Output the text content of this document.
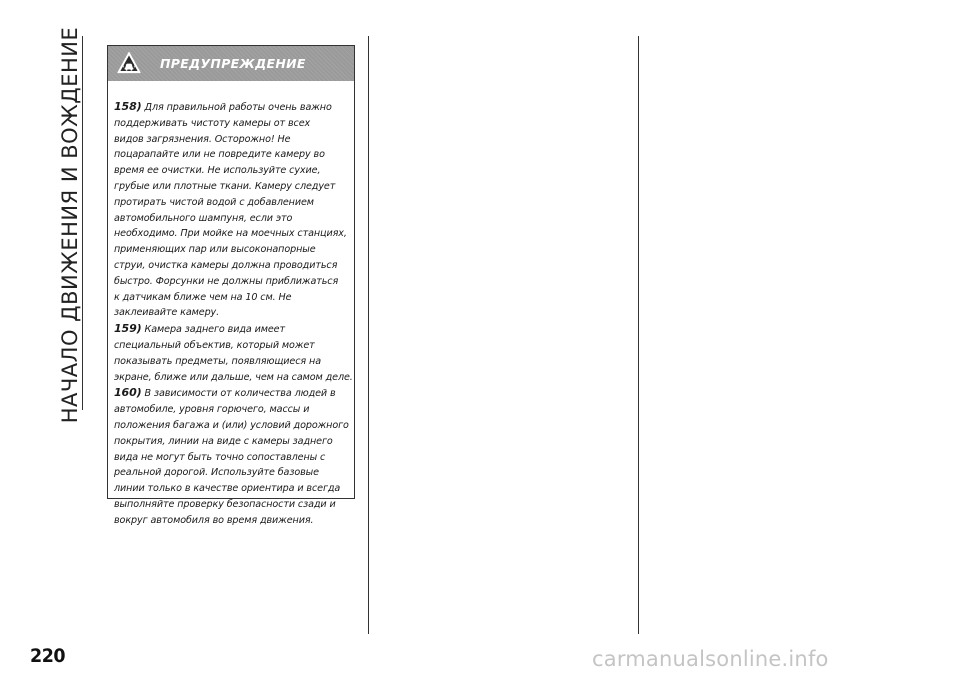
НАЧАЛО ДВИЖЕНИЯ И ВОЖДЕНИЕ	ПРЕДУПРЕЖДЕНИЕ
158) Для правильной работы очень важно
поддерживать чистоту камеры от всех
видов загрязнения. Осторожно! Не
поцарапайте или не повредите камеру во
время ее очистки. Не используйте сухие,
грубые или плотные ткани. Камеру следует
протирать чистой водой с добавлением
автомобильного шампуня, если это
необходимо. При мойке на моечных станциях,
применяющих пар или высоконапорные
струи, очистка камеры должна проводиться
быстро. Форсунки не должны приближаться
к датчикам ближе чем на 10 см. Не
заклеивайте камеру.
159) Камера заднего вида имеет
специальный объектив, который может
показывать предметы, появляющиеся на
экране, ближе или дальше, чем на самом деле.
160) В зависимости от количества людей в
автомобиле, уровня горючего, массы и
положения багажа и (или) условий дорожного
покрытия, линии на виде с камеры заднего
вида не могут быть точно сопоставлены с
реальной дорогой. Используйте базовые
линии только в качестве ориентира и всегда
выполняйте проверку безопасности сзади и
вокруг автомобиля во время движения.
220	carmanualsonline.info
